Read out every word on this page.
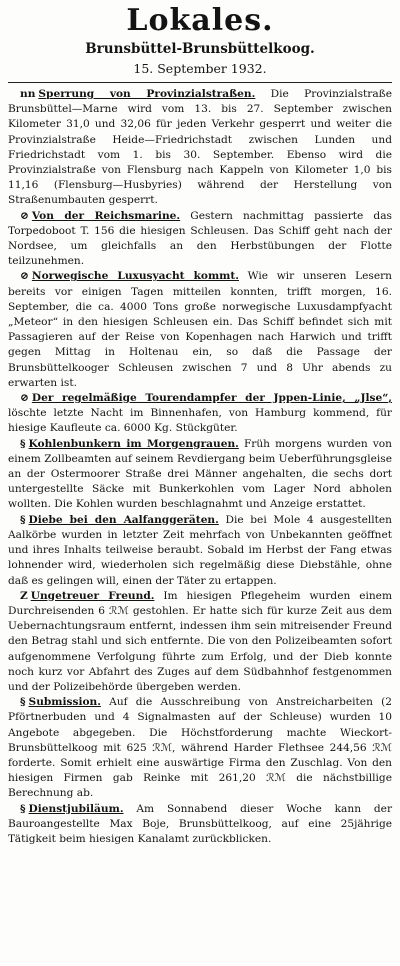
Lokales.
Brunsbüttel-Brunsbüttelkoog.
15. September 1932.

nn Sperrung von Provinzialstraßen. Die Provinzialstraße Brunsbüttel—Marne wird vom 13. bis 27. September zwischen Kilometer 31,0 und 32,06 für jeden Verkehr gesperrt und weiter die Provinzialstraße Heide—Friedrichstadt zwischen Lunden und Friedrichstadt vom 1. bis 30. September. Ebenso wird die Provinzialstraße von Flensburg nach Kappeln von Kilometer 1,0 bis 11,16 (Flensburg—Husbyries) während der Herstellung von Straßenumbauten gesperrt.

⊘ Von der Reichsmarine. Gestern nachmittag passierte das Torpedoboot T. 156 die hiesigen Schleusen. Das Schiff geht nach der Nordsee, um gleichfalls an den Herbstübungen der Flotte teilzunehmen.

⊘ Norwegische Luxusyacht kommt. Wie wir unseren Lesern bereits vor einigen Tagen mitteilen konnten, trifft morgen, 16. September, die ca. 4000 Tons große norwegische Luxusdampfyacht „Meteor“ in den hiesigen Schleusen ein. Das Schiff befindet sich mit Passagieren auf der Reise von Kopenhagen nach Harwich und trifft gegen Mittag in Holtenau ein, so daß die Passage der Brunsbüttelkooger Schleusen zwischen 7 und 8 Uhr abends zu erwarten ist.

⊘ Der regelmäßige Tourendampfer der Jppen-Linie, „Jlse“, löschte letzte Nacht im Binnenhafen, von Hamburg kommend, für hiesige Kaufleute ca. 6000 Kg. Stückgüter.

§ Kohlenbunkern im Morgengrauen. Früh morgens wurden von einem Zollbeamten auf seinem Revdiergang beim Ueberführungsgleise an der Ostermoorer Straße drei Männer angehalten, die sechs dort untergestellte Säcke mit Bunkerkohlen vom Lager Nord abholen wollten. Die Kohlen wurden beschlagnahmt und Anzeige erstattet.

§ Diebe bei den Aalfanggeräten. Die bei Mole 4 ausgestellten Aalkörbe wurden in letzter Zeit mehrfach von Unbekannten geöffnet und ihres Inhalts teilweise beraubt. Sobald im Herbst der Fang etwas lohnender wird, wiederholen sich regelmäßig diese Diebstähle, ohne daß es gelingen will, einen der Täter zu ertappen.

Z Ungetreuer Freund. Im hiesigen Pflegeheim wurden einem Durchreisenden 6 ℛℳ gestohlen. Er hatte sich für kurze Zeit aus dem Uebernachtungsraum entfernt, indessen ihm sein mitreisender Freund den Betrag stahl und sich entfernte. Die von den Polizeibeamten sofort aufgenommene Verfolgung führte zum Erfolg, und der Dieb konnte noch kurz vor Abfahrt des Zuges auf dem Südbahnhof festgenommen und der Polizeibehörde übergeben werden.

§ Submission. Auf die Ausschreibung von Anstreicharbeiten (2 Pförtnerbuden und 4 Signalmasten auf der Schleuse) wurden 10 Angebote abgegeben. Die Höchstforderung machte Wieckort-Brunsbüttelkoog mit 625 ℛℳ, während Harder Flethsee 244,56 ℛℳ forderte. Somit erhielt eine auswärtige Firma den Zuschlag. Von den hiesigen Firmen gab Reinke mit 261,20 ℛℳ die nächstbillige Berechnung ab.

§ Dienstjubiläum. Am Sonnabend dieser Woche kann der Bauroangestellte Max Boje, Brunsbüttelkoog, auf eine 25jährige Tätigkeit beim hiesigen Kanalamt zurückblicken.
